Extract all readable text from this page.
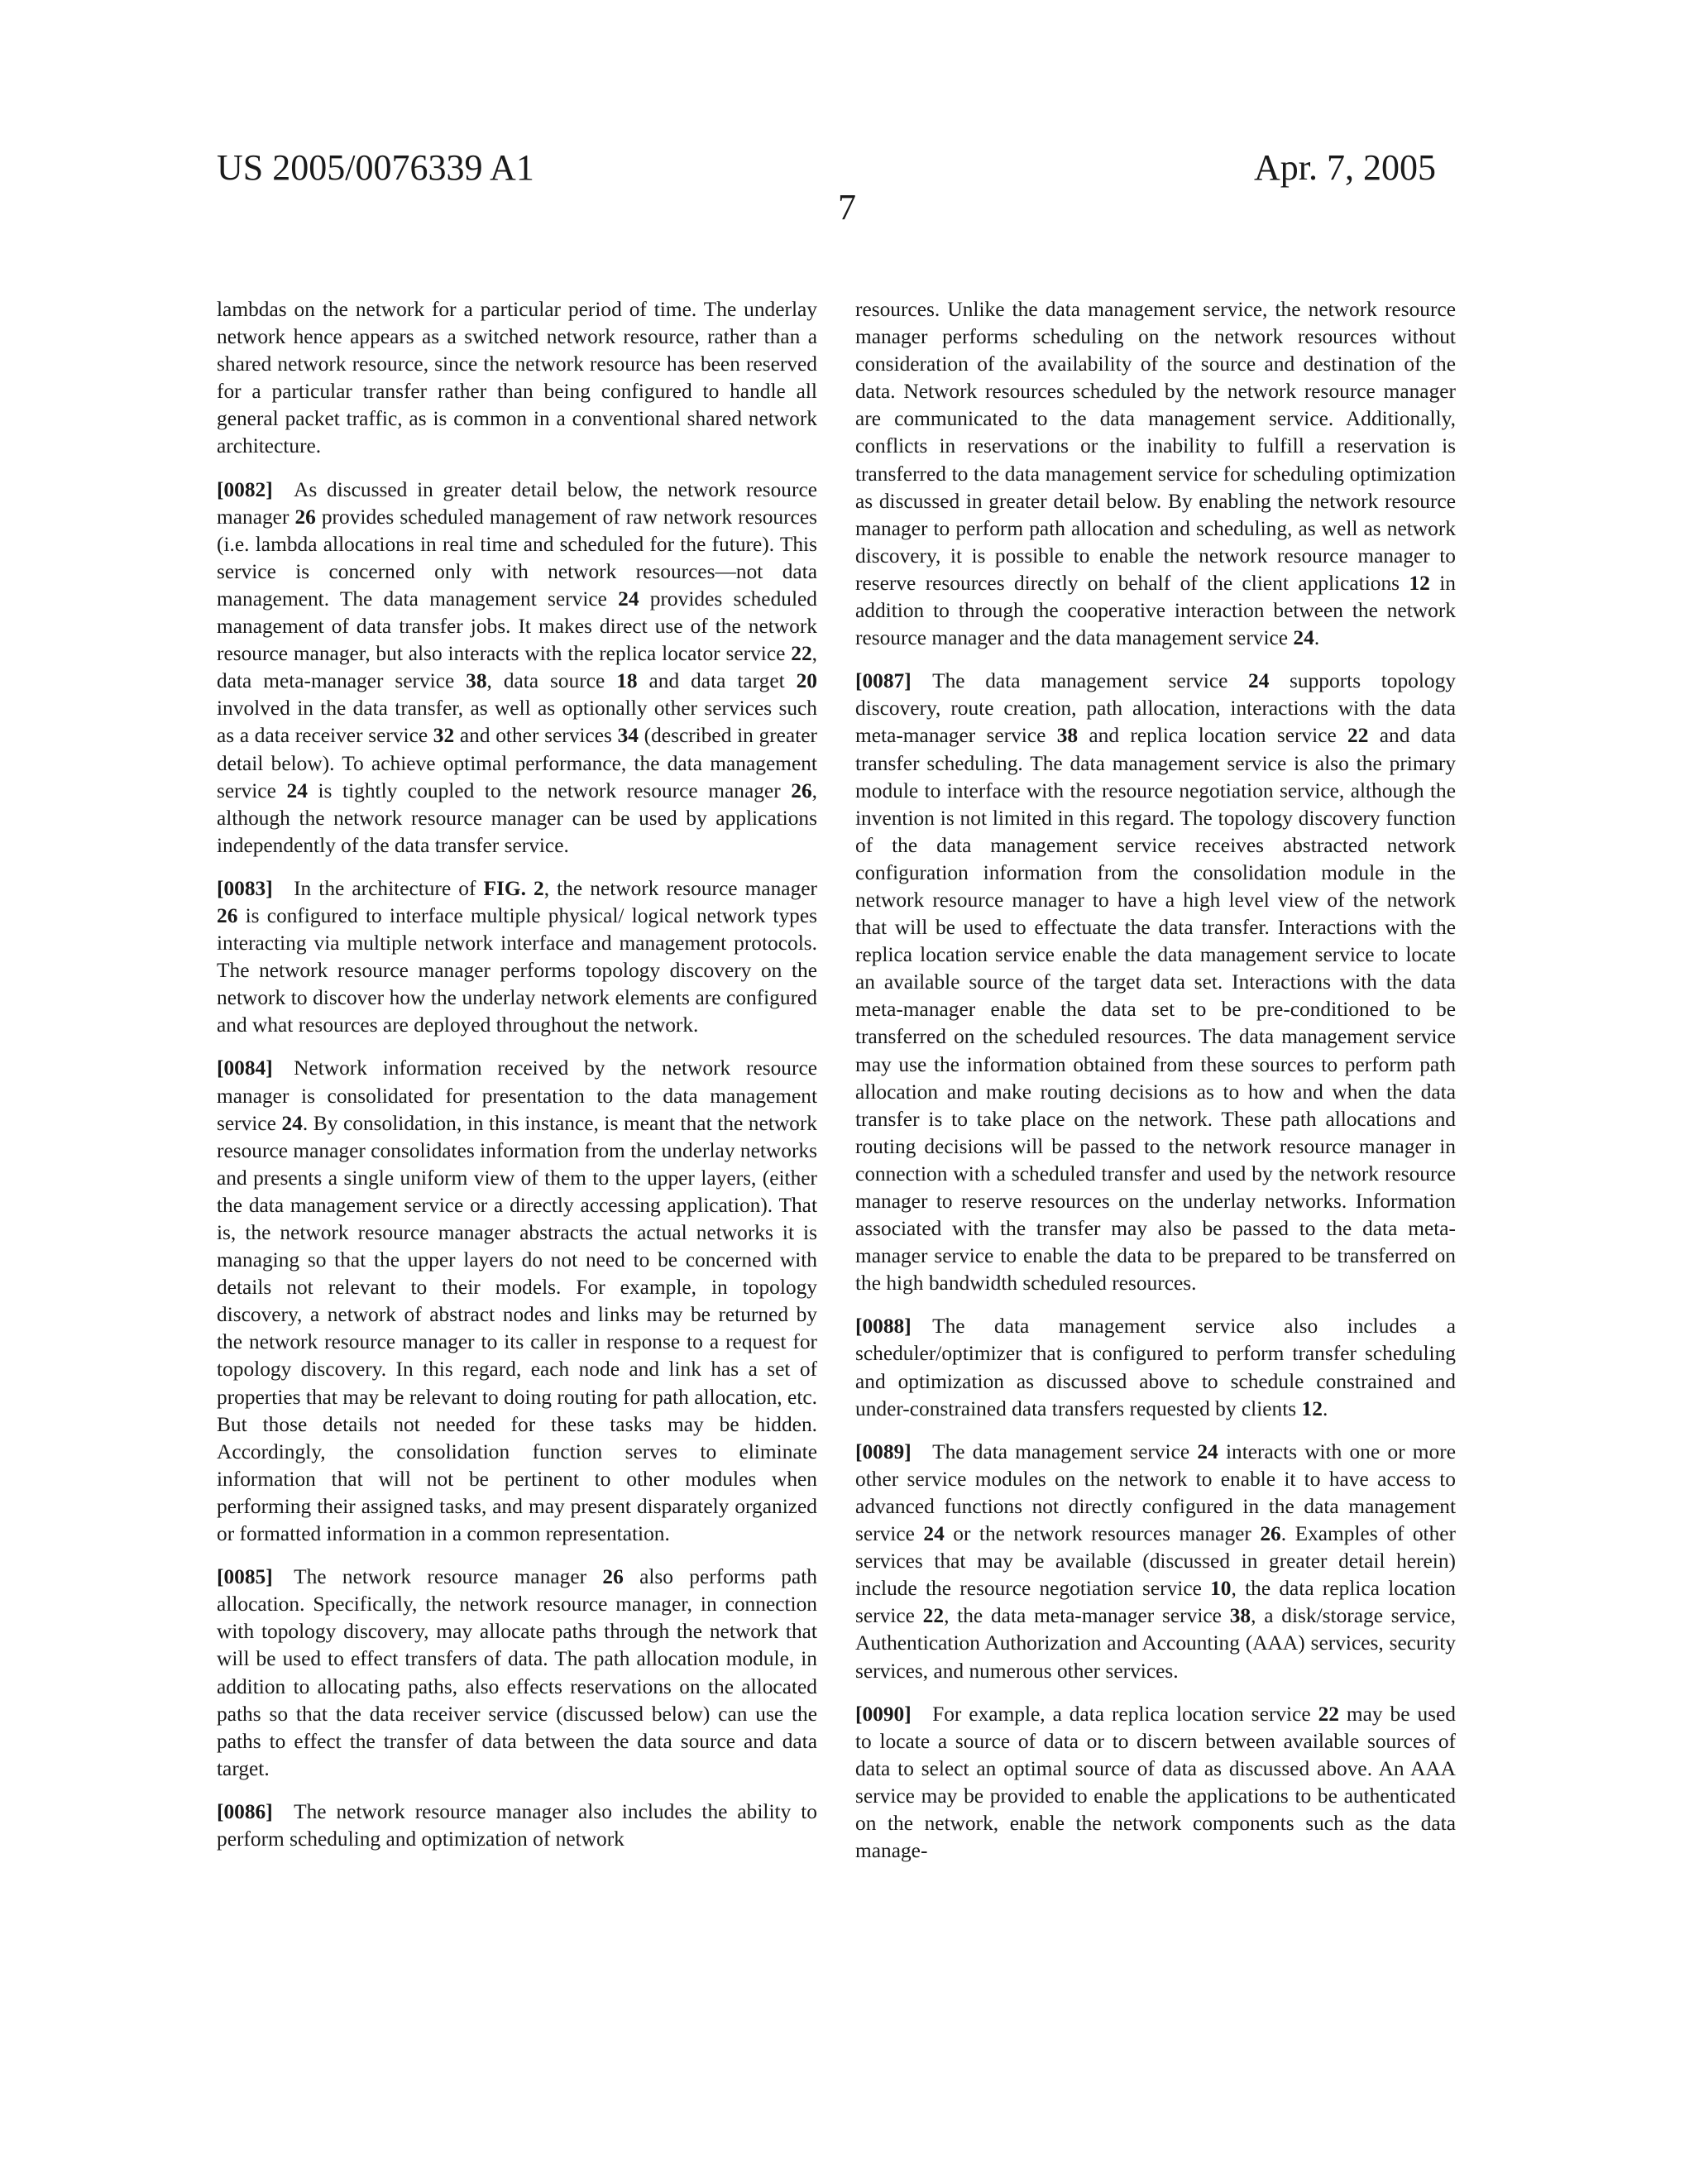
US 2005/0076339 A1	Apr. 7, 2005
7

lambdas on the network for a particular period of time. The underlay network hence appears as a switched network resource, rather than a shared network resource, since the network resource has been reserved for a particular transfer rather than being configured to handle all general packet traffic, as is common in a conventional shared network architecture.

[0082]  As discussed in greater detail below, the network resource manager 26 provides scheduled management of raw network resources (i.e. lambda allocations in real time and scheduled for the future). This service is concerned only with network resources—not data management. The data management service 24 provides scheduled management of data transfer jobs. It makes direct use of the network resource manager, but also interacts with the replica locator service 22, data meta-manager service 38, data source 18 and data target 20 involved in the data transfer, as well as optionally other services such as a data receiver service 32 and other services 34 (described in greater detail below). To achieve optimal performance, the data management service 24 is tightly coupled to the network resource manager 26, although the network resource manager can be used by applications independently of the data transfer service.

[0083]  In the architecture of FIG. 2, the network resource manager 26 is configured to interface multiple physical/ logical network types interacting via multiple network interface and management protocols. The network resource manager performs topology discovery on the network to discover how the underlay network elements are configured and what resources are deployed throughout the network.

[0084]  Network information received by the network resource manager is consolidated for presentation to the data management service 24. By consolidation, in this instance, is meant that the network resource manager consolidates information from the underlay networks and presents a single uniform view of them to the upper layers, (either the data management service or a directly accessing application). That is, the network resource manager abstracts the actual networks it is managing so that the upper layers do not need to be concerned with details not relevant to their models. For example, in topology discovery, a network of abstract nodes and links may be returned by the network resource manager to its caller in response to a request for topology discovery. In this regard, each node and link has a set of properties that may be relevant to doing routing for path allocation, etc. But those details not needed for these tasks may be hidden. Accordingly, the consolidation function serves to eliminate information that will not be pertinent to other modules when performing their assigned tasks, and may present disparately organized or formatted information in a common representation.

[0085]  The network resource manager 26 also performs path allocation. Specifically, the network resource manager, in connection with topology discovery, may allocate paths through the network that will be used to effect transfers of data. The path allocation module, in addition to allocating paths, also effects reservations on the allocated paths so that the data receiver service (discussed below) can use the paths to effect the transfer of data between the data source and data target.

[0086]  The network resource manager also includes the ability to perform scheduling and optimization of network

resources. Unlike the data management service, the network resource manager performs scheduling on the network resources without consideration of the availability of the source and destination of the data. Network resources scheduled by the network resource manager are communicated to the data management service. Additionally, conflicts in reservations or the inability to fulfill a reservation is transferred to the data management service for scheduling optimization as discussed in greater detail below. By enabling the network resource manager to perform path allocation and scheduling, as well as network discovery, it is possible to enable the network resource manager to reserve resources directly on behalf of the client applications 12 in addition to through the cooperative interaction between the network resource manager and the data management service 24.

[0087]  The data management service 24 supports topology discovery, route creation, path allocation, interactions with the data meta-manager service 38 and replica location service 22 and data transfer scheduling. The data management service is also the primary module to interface with the resource negotiation service, although the invention is not limited in this regard. The topology discovery function of the data management service receives abstracted network configuration information from the consolidation module in the network resource manager to have a high level view of the network that will be used to effectuate the data transfer. Interactions with the replica location service enable the data management service to locate an available source of the target data set. Interactions with the data meta-manager enable the data set to be pre-conditioned to be transferred on the scheduled resources. The data management service may use the information obtained from these sources to perform path allocation and make routing decisions as to how and when the data transfer is to take place on the network. These path allocations and routing decisions will be passed to the network resource manager in connection with a scheduled transfer and used by the network resource manager to reserve resources on the underlay networks. Information associated with the transfer may also be passed to the data meta-manager service to enable the data to be prepared to be transferred on the high bandwidth scheduled resources.

[0088]  The data management service also includes a scheduler/optimizer that is configured to perform transfer scheduling and optimization as discussed above to schedule constrained and under-constrained data transfers requested by clients 12.

[0089]  The data management service 24 interacts with one or more other service modules on the network to enable it to have access to advanced functions not directly configured in the data management service 24 or the network resources manager 26. Examples of other services that may be available (discussed in greater detail herein) include the resource negotiation service 10, the data replica location service 22, the data meta-manager service 38, a disk/storage service, Authentication Authorization and Accounting (AAA) services, security services, and numerous other services.

[0090]  For example, a data replica location service 22 may be used to locate a source of data or to discern between available sources of data to select an optimal source of data as discussed above. An AAA service may be provided to enable the applications to be authenticated on the network, enable the network components such as the data manage-
